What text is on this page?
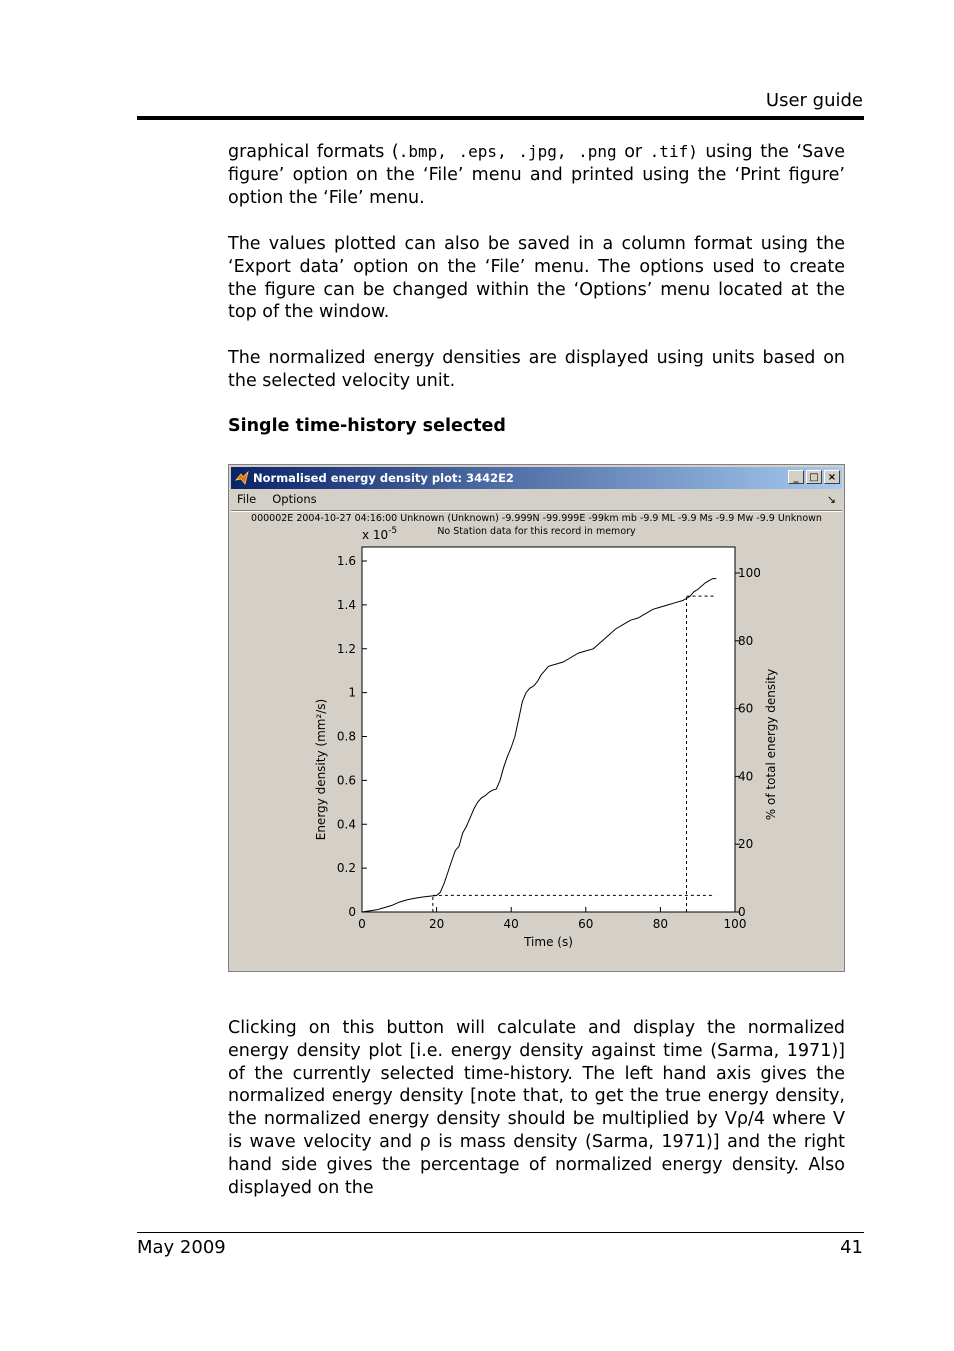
User guide
graphical formats (.bmp, .eps, .jpg, .png or .tif) using the ‘Save figure’ option on the ‘File’ menu and printed using the ‘Print figure’ option the ‘File’ menu.
The values plotted can also be saved in a column format using the ‘Export data’ option on the ‘File’ menu. The options used to create the figure can be changed within the ‘Options’ menu located at the top of the window.
The normalized energy densities are displayed using units based on the selected velocity unit.
Single time-history selected
Normalised energy density plot: 3442E2	_	□ ×
File Options	↘
000002E 2004-10-27 04:16:00 Unknown (Unknown) -9.999N -99.999E -99km mb -9.9 ML -9.9 Ms -9.9 Mw -9.9 Unknown
No Station data for this record in memory
0	20	40	60	80	100
0
0.2
0.4
0.6
0.8
1
1.2
1.4
1.6
0
20
40
60
80
100
x $10^{-5}$
Time (s)
Energy density (mm²/s)	% of total energy density
Clicking on this button will calculate and display the normalized energy density plot [i.e. energy density against time (Sarma, 1971)] of the currently selected time-history. The left hand axis gives the normalized energy density [note that, to get the true energy density, the normalized energy density should be multiplied by Vρ/4 where V is wave velocity and ρ is mass density (Sarma, 1971)] and the right hand side gives the percentage of normalized energy density. Also displayed on the
May 2009	41
